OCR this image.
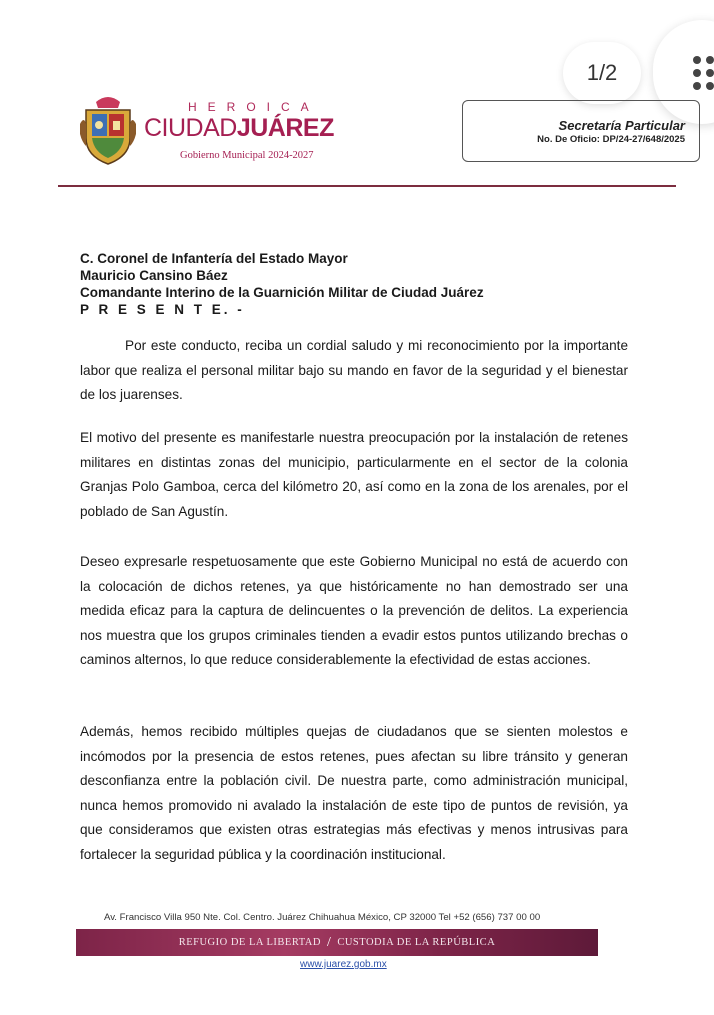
1/2
HEROICA
CIUDADJUÁREZ
Gobierno Municipal 2024-2027
Secretaría Particular
No. De Oficio: DP/24-27/648/2025
C. Coronel de Infantería del Estado Mayor
Mauricio Cansino Báez
Comandante Interino de la Guarnición Militar de Ciudad Juárez
P R E S E N T E. -

Por este conducto, reciba un cordial saludo y mi reconocimiento por la importante labor que realiza el personal militar bajo su mando en favor de la seguridad y el bienestar de los juarenses.

El motivo del presente es manifestarle nuestra preocupación por la instalación de retenes militares en distintas zonas del municipio, particularmente en el sector de la colonia Granjas Polo Gamboa, cerca del kilómetro 20, así como en la zona de los arenales, por el poblado de San Agustín.

Deseo expresarle respetuosamente que este Gobierno Municipal no está de acuerdo con la colocación de dichos retenes, ya que históricamente no han demostrado ser una medida eficaz para la captura de delincuentes o la prevención de delitos. La experiencia nos muestra que los grupos criminales tienden a evadir estos puntos utilizando brechas o caminos alternos, lo que reduce considerablemente la efectividad de estas acciones.

Además, hemos recibido múltiples quejas de ciudadanos que se sienten molestos e incómodos por la presencia de estos retenes, pues afectan su libre tránsito y generan desconfianza entre la población civil. De nuestra parte, como administración municipal, nunca hemos promovido ni avalado la instalación de este tipo de puntos de revisión, ya que consideramos que existen otras estrategias más efectivas y menos intrusivas para fortalecer la seguridad pública y la coordinación institucional.

Av. Francisco Villa 950 Nte. Col. Centro. Juárez Chihuahua México, CP 32000 Tel +52 (656) 737 00 00
REFUGIO DE LA LIBERTAD / CUSTODIA DE LA REPÚBLICA
www.juarez.gob.mx
